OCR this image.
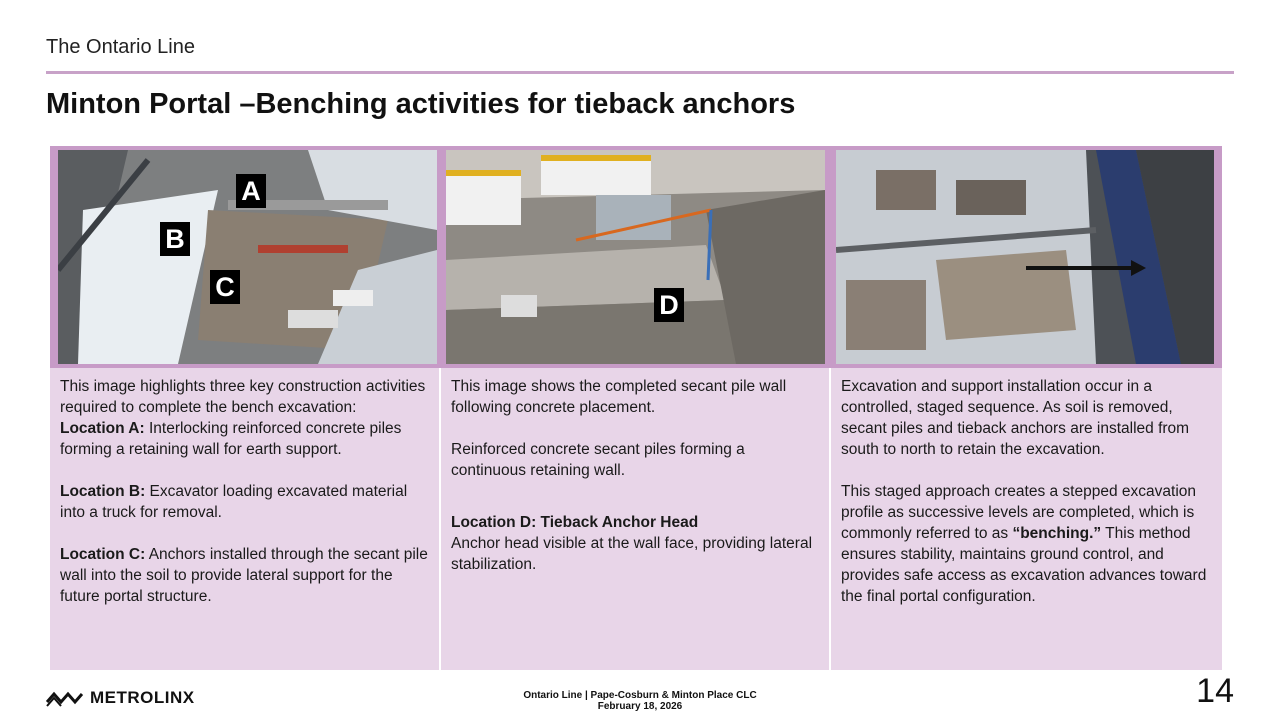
The Ontario Line
Minton Portal –Benching activities for tieback anchors
A
B
C
D

This image highlights three key construction activities required to complete the bench excavation:

Location A: Interlocking reinforced concrete piles forming a retaining wall for earth support.

Location B: Excavator loading excavated material into a truck for removal.

Location C: Anchors installed through the secant pile wall into the soil to provide lateral support for the future portal structure.

This image shows the completed secant pile wall following concrete placement.

Reinforced concrete secant piles forming a continuous retaining wall.

Location D: Tieback Anchor Head

Anchor head visible at the wall face, providing lateral stabilization.

Excavation and support installation occur in a controlled, staged sequence. As soil is removed, secant piles and tieback anchors are installed from south to north to retain the excavation.

This staged approach creates a stepped excavation profile as successive levels are completed, which is commonly referred to as “benching.” This method ensures stability, maintains ground control, and provides safe access as excavation advances toward the final portal configuration.

METROLINX	Ontario Line | Pape-Cosburn & Minton Place CLC
February 18, 2026	14
